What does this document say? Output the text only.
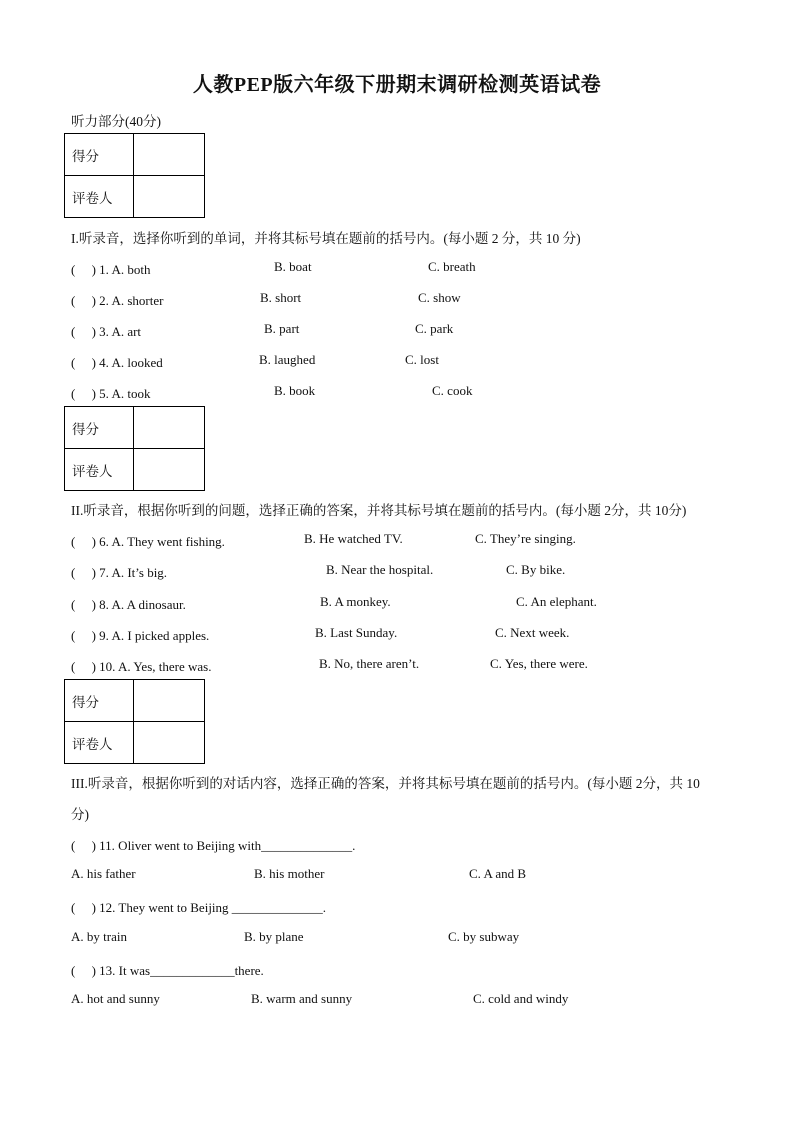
人教PEP版六年级下册期末调研检测英语试卷
听力部分(40分)
得分	
评卷人	
I.听录音，选择你听到的单词，并将其标号填在题前的括号内。(每小题 2 分，共 10 分)
(　 ) 1. A. both	B. boat	C. breath
(　 ) 2. A. shorter	B. short	C. show
(　 ) 3. A. art	B. part	C. park
(　 ) 4. A. looked	B. laughed	C. lost
(　 ) 5. A. took	B. book	C. cook
得分	
评卷人	
II.听录音，根据你听到的问题，选择正确的答案，并将其标号填在题前的括号内。(每小题 2分，共 10分)
(　 ) 6. A. They went fishing.	B. He watched TV.	C. They’re singing.
(　 ) 7. A. It’s big.	B. Near the hospital.	C. By bike.
(　 ) 8. A. A dinosaur.	B. A monkey.	C. An elephant.
(　 ) 9. A. I picked apples.	B. Last Sunday.	C. Next week.
(　 ) 10. A. Yes, there was.	B. No, there aren’t.	C. Yes, there were.
得分	
评卷人	
III.听录音，根据你听到的对话内容，选择正确的答案，并将其标号填在题前的括号内。(每小题 2分，共 10
分)
(　 ) 11. Oliver went to Beijing with______________.
A. his father	B. his mother	C. A and B
(　 ) 12. They went to Beijing ______________.
A. by train	B. by plane	C. by subway
(　 ) 13. It was_____________there.
A. hot and sunny	B. warm and sunny	C. cold and windy
